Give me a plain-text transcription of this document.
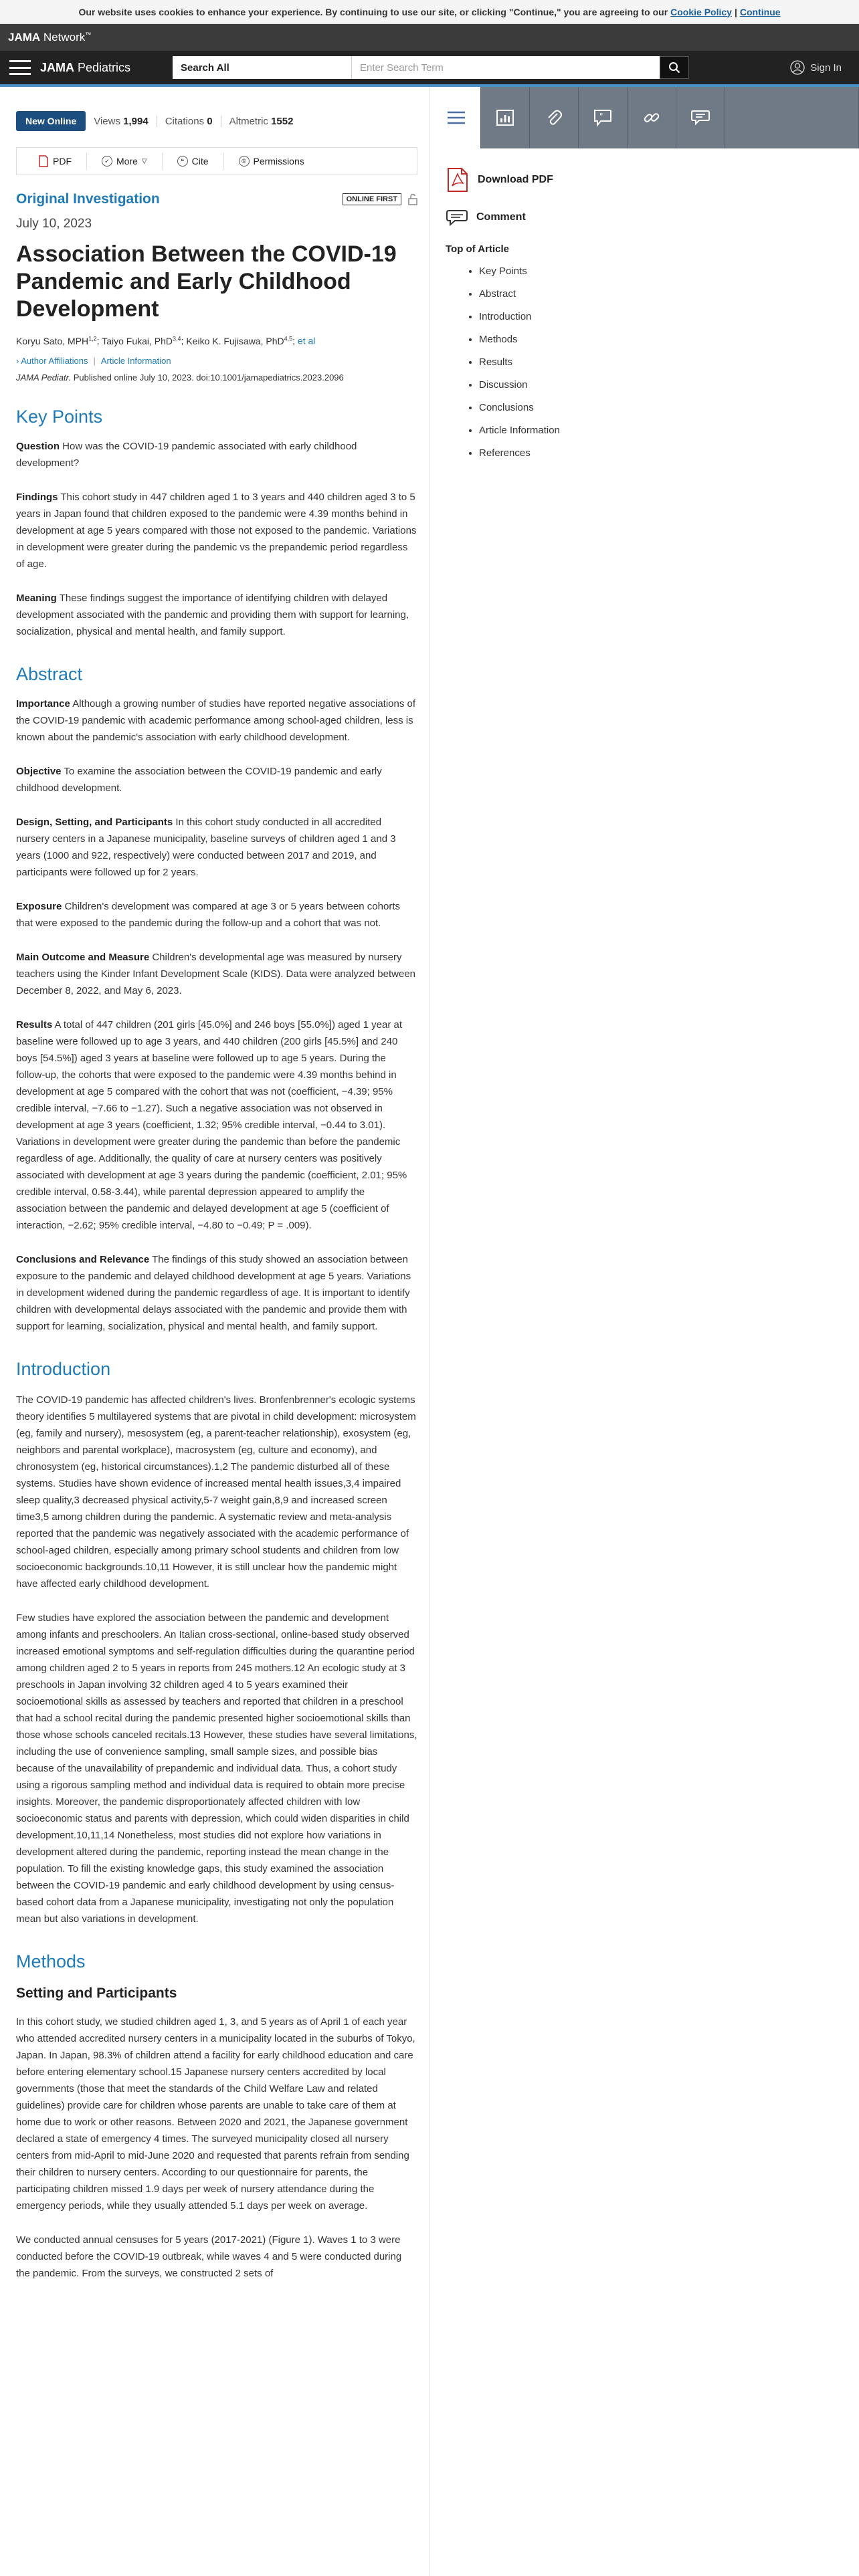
Our website uses cookies to enhance your experience. By continuing to use our site, or clicking "Continue," you are agreeing to our Cookie Policy | Continue
JAMA Network™
JAMA Pediatrics	Search All
Enter Search Term	Sign In
"
Download PDF
Comment
Top of Article
• Key Points
• Abstract
• Introduction
• Methods
• Results
• Discussion
• Conclusions
• Article Information
• References
New Online	Views 1,994	Citations 0	Altmetric 1552
PDF	✓ More ▽	❝ Cite	© Permissions
Original Investigation	ONLINE FIRST
July 10, 2023
Association Between the COVID-19 Pandemic and Early Childhood Development
Koryu Sato, MPH$^{1,2}$; Taiyo Fukai, PhD$^{3,4}$; Keiko K. Fujisawa, PhD$^{4,5}$; et al
› Author Affiliations | Article Information
JAMA Pediatr. Published online July 10, 2023. doi:10.1001/jamapediatrics.2023.2096
Key Points

Question How was the COVID-19 pandemic associated with early childhood development?

Findings This cohort study in 447 children aged 1 to 3 years and 440 children aged 3 to 5 years in Japan found that children exposed to the pandemic were 4.39 months behind in development at age 5 years compared with those not exposed to the pandemic. Variations in development were greater during the pandemic vs the prepandemic period regardless of age.

Meaning These findings suggest the importance of identifying children with delayed development associated with the pandemic and providing them with support for learning, socialization, physical and mental health, and family support.

Abstract

Importance Although a growing number of studies have reported negative associations of the COVID-19 pandemic with academic performance among school-aged children, less is known about the pandemic's association with early childhood development.

Objective To examine the association between the COVID-19 pandemic and early childhood development.

Design, Setting, and Participants In this cohort study conducted in all accredited nursery centers in a Japanese municipality, baseline surveys of children aged 1 and 3 years (1000 and 922, respectively) were conducted between 2017 and 2019, and participants were followed up for 2 years.

Exposure Children's development was compared at age 3 or 5 years between cohorts that were exposed to the pandemic during the follow-up and a cohort that was not.

Main Outcome and Measure Children's developmental age was measured by nursery teachers using the Kinder Infant Development Scale (KIDS). Data were analyzed between December 8, 2022, and May 6, 2023.

Results A total of 447 children (201 girls [45.0%] and 246 boys [55.0%]) aged 1 year at baseline were followed up to age 3 years, and 440 children (200 girls [45.5%] and 240 boys [54.5%]) aged 3 years at baseline were followed up to age 5 years. During the follow-up, the cohorts that were exposed to the pandemic were 4.39 months behind in development at age 5 compared with the cohort that was not (coefficient, −4.39; 95% credible interval, −7.66 to −1.27). Such a negative association was not observed in development at age 3 years (coefficient, 1.32; 95% credible interval, −0.44 to 3.01). Variations in development were greater during the pandemic than before the pandemic regardless of age. Additionally, the quality of care at nursery centers was positively associated with development at age 3 years during the pandemic (coefficient, 2.01; 95% credible interval, 0.58-3.44), while parental depression appeared to amplify the association between the pandemic and delayed development at age 5 (coefficient of interaction, −2.62; 95% credible interval, −4.80 to −0.49; P = .009).

Conclusions and Relevance The findings of this study showed an association between exposure to the pandemic and delayed childhood development at age 5 years. Variations in development widened during the pandemic regardless of age. It is important to identify children with developmental delays associated with the pandemic and provide them with support for learning, socialization, physical and mental health, and family support.

Introduction

The COVID-19 pandemic has affected children's lives. Bronfenbrenner's ecologic systems theory identifies 5 multilayered systems that are pivotal in child development: microsystem (eg, family and nursery), mesosystem (eg, a parent-teacher relationship), exosystem (eg, neighbors and parental workplace), macrosystem (eg, culture and economy), and chronosystem (eg, historical circumstances).1,2 The pandemic disturbed all of these systems. Studies have shown evidence of increased mental health issues,3,4 impaired sleep quality,3 decreased physical activity,5-7 weight gain,8,9 and increased screen time3,5 among children during the pandemic. A systematic review and meta-analysis reported that the pandemic was negatively associated with the academic performance of school-aged children, especially among primary school students and children from low socioeconomic backgrounds.10,11 However, it is still unclear how the pandemic might have affected early childhood development.

Few studies have explored the association between the pandemic and development among infants and preschoolers. An Italian cross-sectional, online-based study observed increased emotional symptoms and self-regulation difficulties during the quarantine period among children aged 2 to 5 years in reports from 245 mothers.12 An ecologic study at 3 preschools in Japan involving 32 children aged 4 to 5 years examined their socioemotional skills as assessed by teachers and reported that children in a preschool that had a school recital during the pandemic presented higher socioemotional skills than those whose schools canceled recitals.13 However, these studies have several limitations, including the use of convenience sampling, small sample sizes, and possible bias because of the unavailability of prepandemic and individual data. Thus, a cohort study using a rigorous sampling method and individual data is required to obtain more precise insights. Moreover, the pandemic disproportionately affected children with low socioeconomic status and parents with depression, which could widen disparities in child development.10,11,14 Nonetheless, most studies did not explore how variations in development altered during the pandemic, reporting instead the mean change in the population. To fill the existing knowledge gaps, this study examined the association between the COVID-19 pandemic and early childhood development by using census-based cohort data from a Japanese municipality, investigating not only the population mean but also variations in development.

Methods
Setting and Participants

In this cohort study, we studied children aged 1, 3, and 5 years as of April 1 of each year who attended accredited nursery centers in a municipality located in the suburbs of Tokyo, Japan. In Japan, 98.3% of children attend a facility for early childhood education and care before entering elementary school.15 Japanese nursery centers accredited by local governments (those that meet the standards of the Child Welfare Law and related guidelines) provide care for children whose parents are unable to take care of them at home due to work or other reasons. Between 2020 and 2021, the Japanese government declared a state of emergency 4 times. The surveyed municipality closed all nursery centers from mid-April to mid-June 2020 and requested that parents refrain from sending their children to nursery centers. According to our questionnaire for parents, the participating children missed 1.9 days per week of nursery attendance during the emergency periods, while they usually attended 5.1 days per week on average.

We conducted annual censuses for 5 years (2017-2021) (Figure 1). Waves 1 to 3 were conducted before the COVID-19 outbreak, while waves 4 and 5 were conducted during the pandemic. From the surveys, we constructed 2 sets of
